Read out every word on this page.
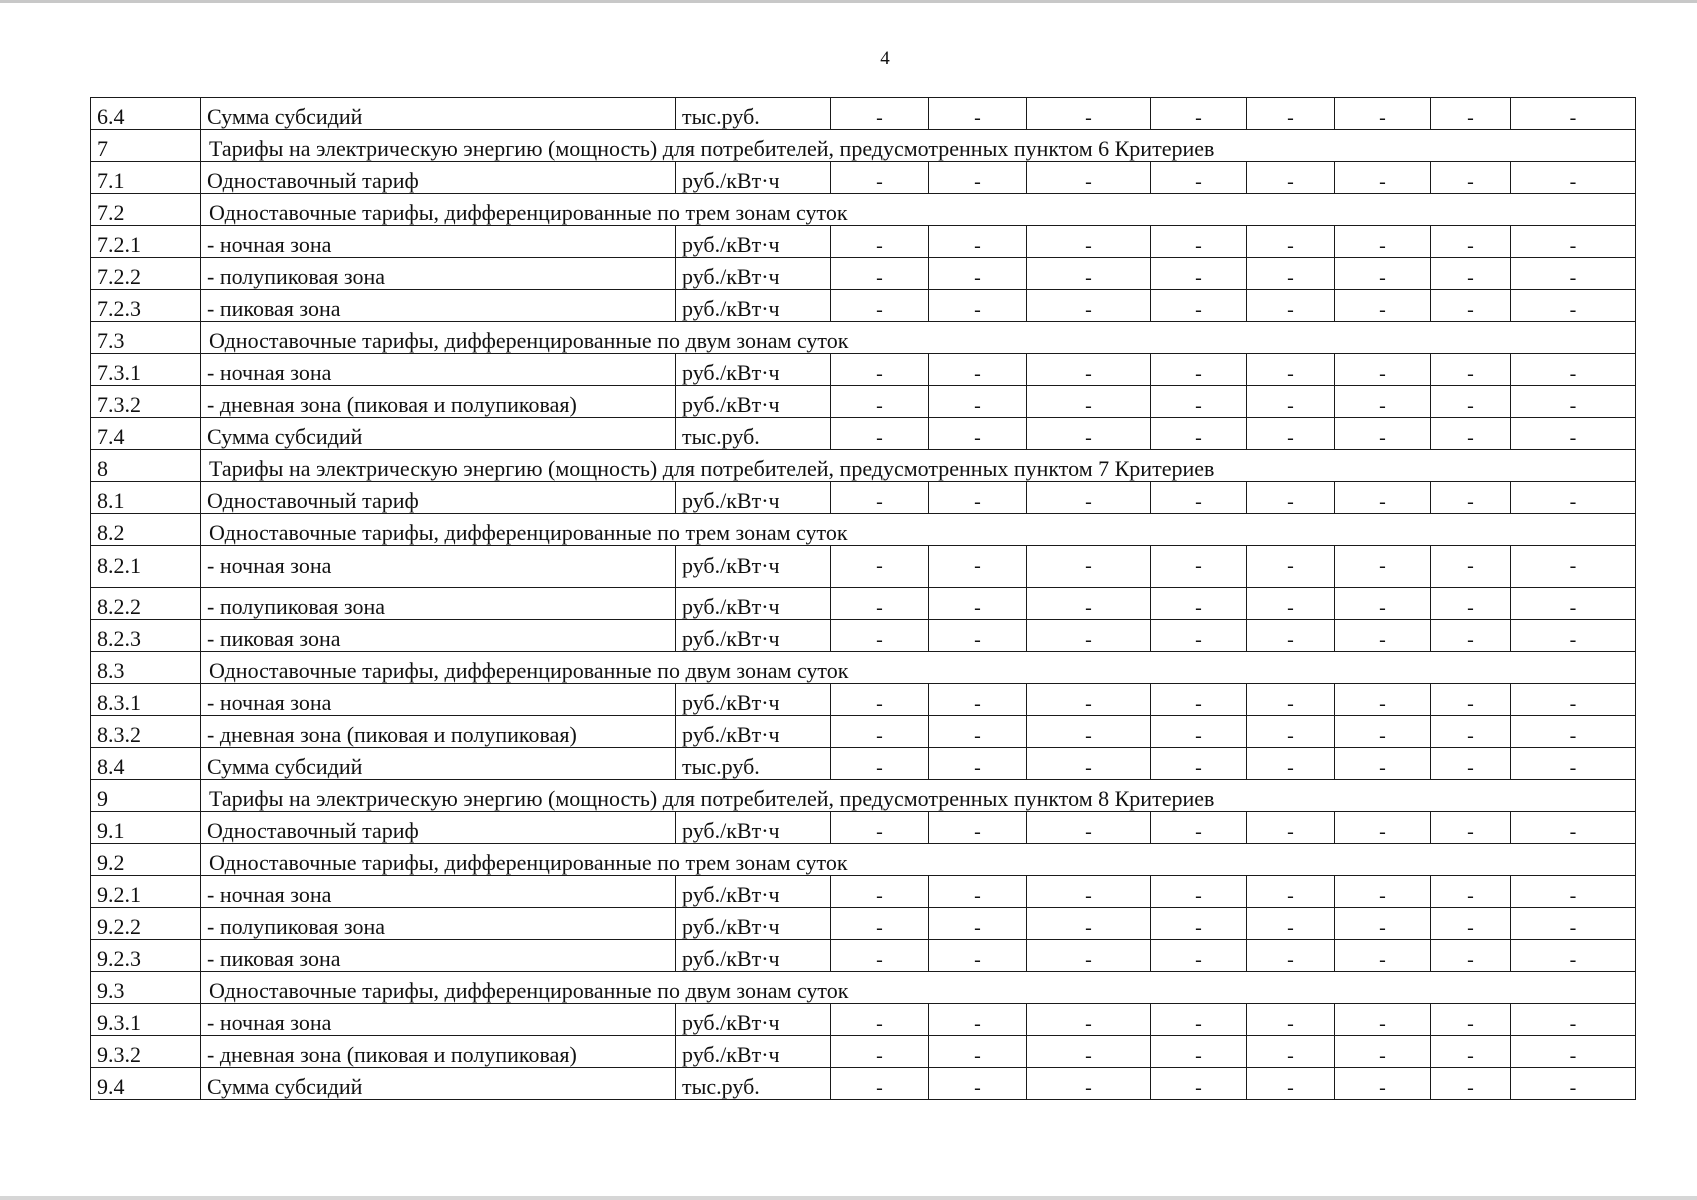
4
6.4	Сумма субсидий	тыс.руб.	-	-	-	-	-	-	-	-
7	Тарифы на электрическую энергию (мощность) для потребителей, предусмотренных пунктом 6 Критериев									
7.1	Одноставочный тариф	руб./кВт·ч	-	-	-	-	-	-	-	-
7.2	Одноставочные тарифы, дифференцированные по трем зонам суток									
7.2.1	- ночная зона	руб./кВт·ч	-	-	-	-	-	-	-	-
7.2.2	- полупиковая зона	руб./кВт·ч	-	-	-	-	-	-	-	-
7.2.3	- пиковая зона	руб./кВт·ч	-	-	-	-	-	-	-	-
7.3	Одноставочные тарифы, дифференцированные по двум зонам суток									
7.3.1	- ночная зона	руб./кВт·ч	-	-	-	-	-	-	-	-
7.3.2	- дневная зона (пиковая и полупиковая)	руб./кВт·ч	-	-	-	-	-	-	-	-
7.4	Сумма субсидий	тыс.руб.	-	-	-	-	-	-	-	-
8	Тарифы на электрическую энергию (мощность) для потребителей, предусмотренных пунктом 7 Критериев									
8.1	Одноставочный тариф	руб./кВт·ч	-	-	-	-	-	-	-	-
8.2	Одноставочные тарифы, дифференцированные по трем зонам суток									
8.2.1	- ночная зона	руб./кВт·ч	-	-	-	-	-	-	-	-
8.2.2	- полупиковая зона	руб./кВт·ч	-	-	-	-	-	-	-	-
8.2.3	- пиковая зона	руб./кВт·ч	-	-	-	-	-	-	-	-
8.3	Одноставочные тарифы, дифференцированные по двум зонам суток									
8.3.1	- ночная зона	руб./кВт·ч	-	-	-	-	-	-	-	-
8.3.2	- дневная зона (пиковая и полупиковая)	руб./кВт·ч	-	-	-	-	-	-	-	-
8.4	Сумма субсидий	тыс.руб.	-	-	-	-	-	-	-	-
9	Тарифы на электрическую энергию (мощность) для потребителей, предусмотренных пунктом 8 Критериев									
9.1	Одноставочный тариф	руб./кВт·ч	-	-	-	-	-	-	-	-
9.2	Одноставочные тарифы, дифференцированные по трем зонам суток									
9.2.1	- ночная зона	руб./кВт·ч	-	-	-	-	-	-	-	-
9.2.2	- полупиковая зона	руб./кВт·ч	-	-	-	-	-	-	-	-
9.2.3	- пиковая зона	руб./кВт·ч	-	-	-	-	-	-	-	-
9.3	Одноставочные тарифы, дифференцированные по двум зонам суток									
9.3.1	- ночная зона	руб./кВт·ч	-	-	-	-	-	-	-	-
9.3.2	- дневная зона (пиковая и полупиковая)	руб./кВт·ч	-	-	-	-	-	-	-	-
9.4	Сумма субсидий	тыс.руб.	-	-	-	-	-	-	-	-
